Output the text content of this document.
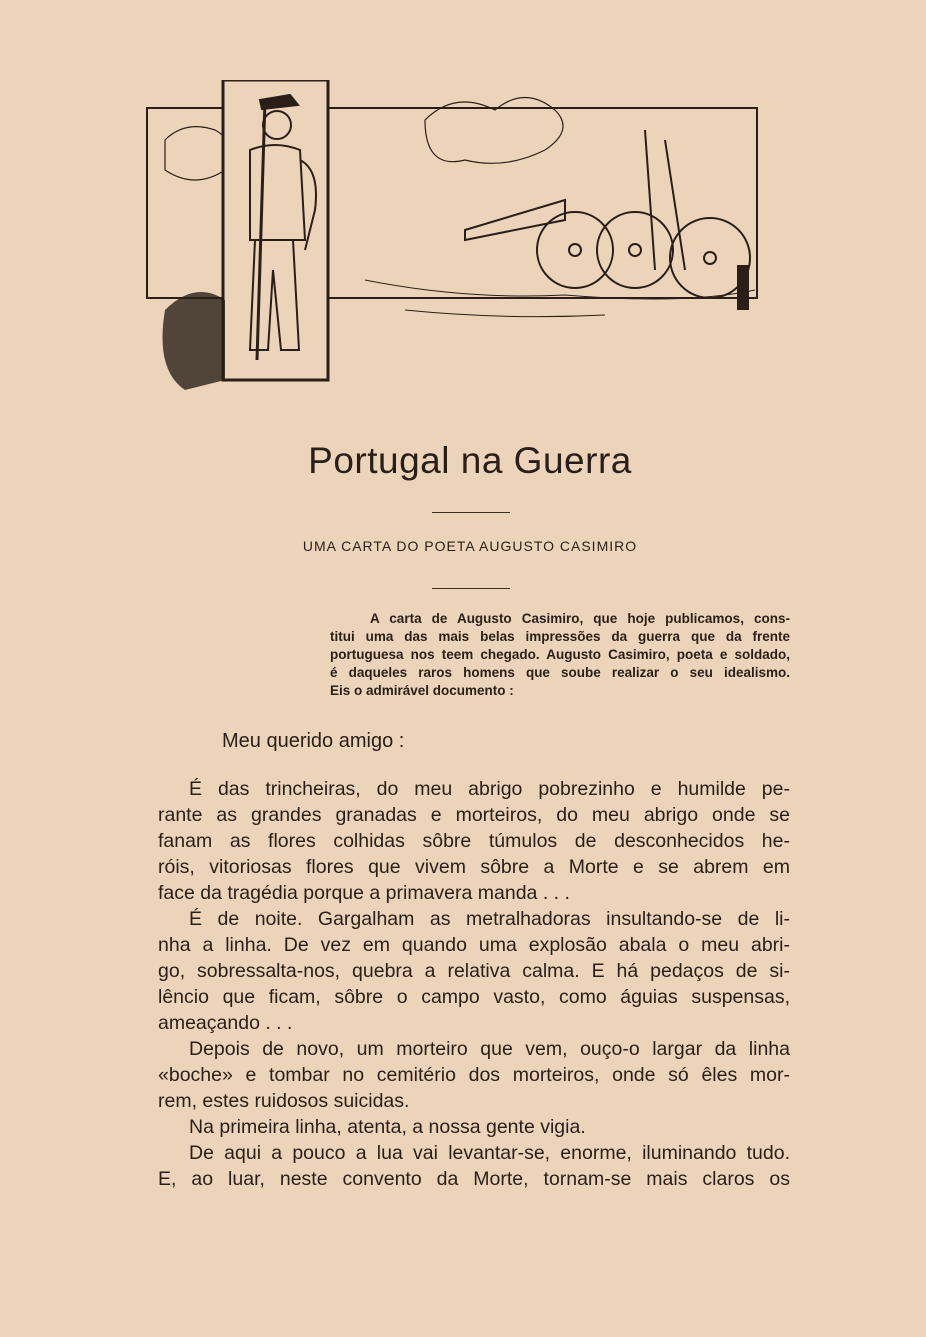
Portugal na Guerra
UMA CARTA DO POETA AUGUSTO CASIMIRO
A carta de Augusto Casimiro, que hoje publicamos, cons-
titui uma das mais belas impressões da guerra que da frente
portuguesa nos teem chegado. Augusto Casimiro, poeta e soldado,
é daqueles raros homens que soube realizar o seu idealismo.
Eis o admirável documento :
Meu querido amigo :
É das trincheiras, do meu abrigo pobrezinho e humilde pe-
rante as grandes granadas e morteiros, do meu abrigo onde se
fanam as flores colhidas sôbre túmulos de desconhecidos he-
róis, vitoriosas flores que vivem sôbre a Morte e se abrem em
face da tragédia porque a primavera manda . . .
É de noite. Gargalham as metralhadoras insultando-se de li-
nha a linha. De vez em quando uma explosão abala o meu abri-
go, sobressalta-nos, quebra a relativa calma. E há pedaços de si-
lêncio que ficam, sôbre o campo vasto, como águias suspensas,
ameaçando . . .
Depois de novo, um morteiro que vem, ouço-o largar da linha
«boche» e tombar no cemitério dos morteiros, onde só êles mor-
rem, estes ruidosos suicidas.
Na primeira linha, atenta, a nossa gente vigia.
De aqui a pouco a lua vai levantar-se, enorme, iluminando tudo.
E, ao luar, neste convento da Morte, tornam-se mais claros os
